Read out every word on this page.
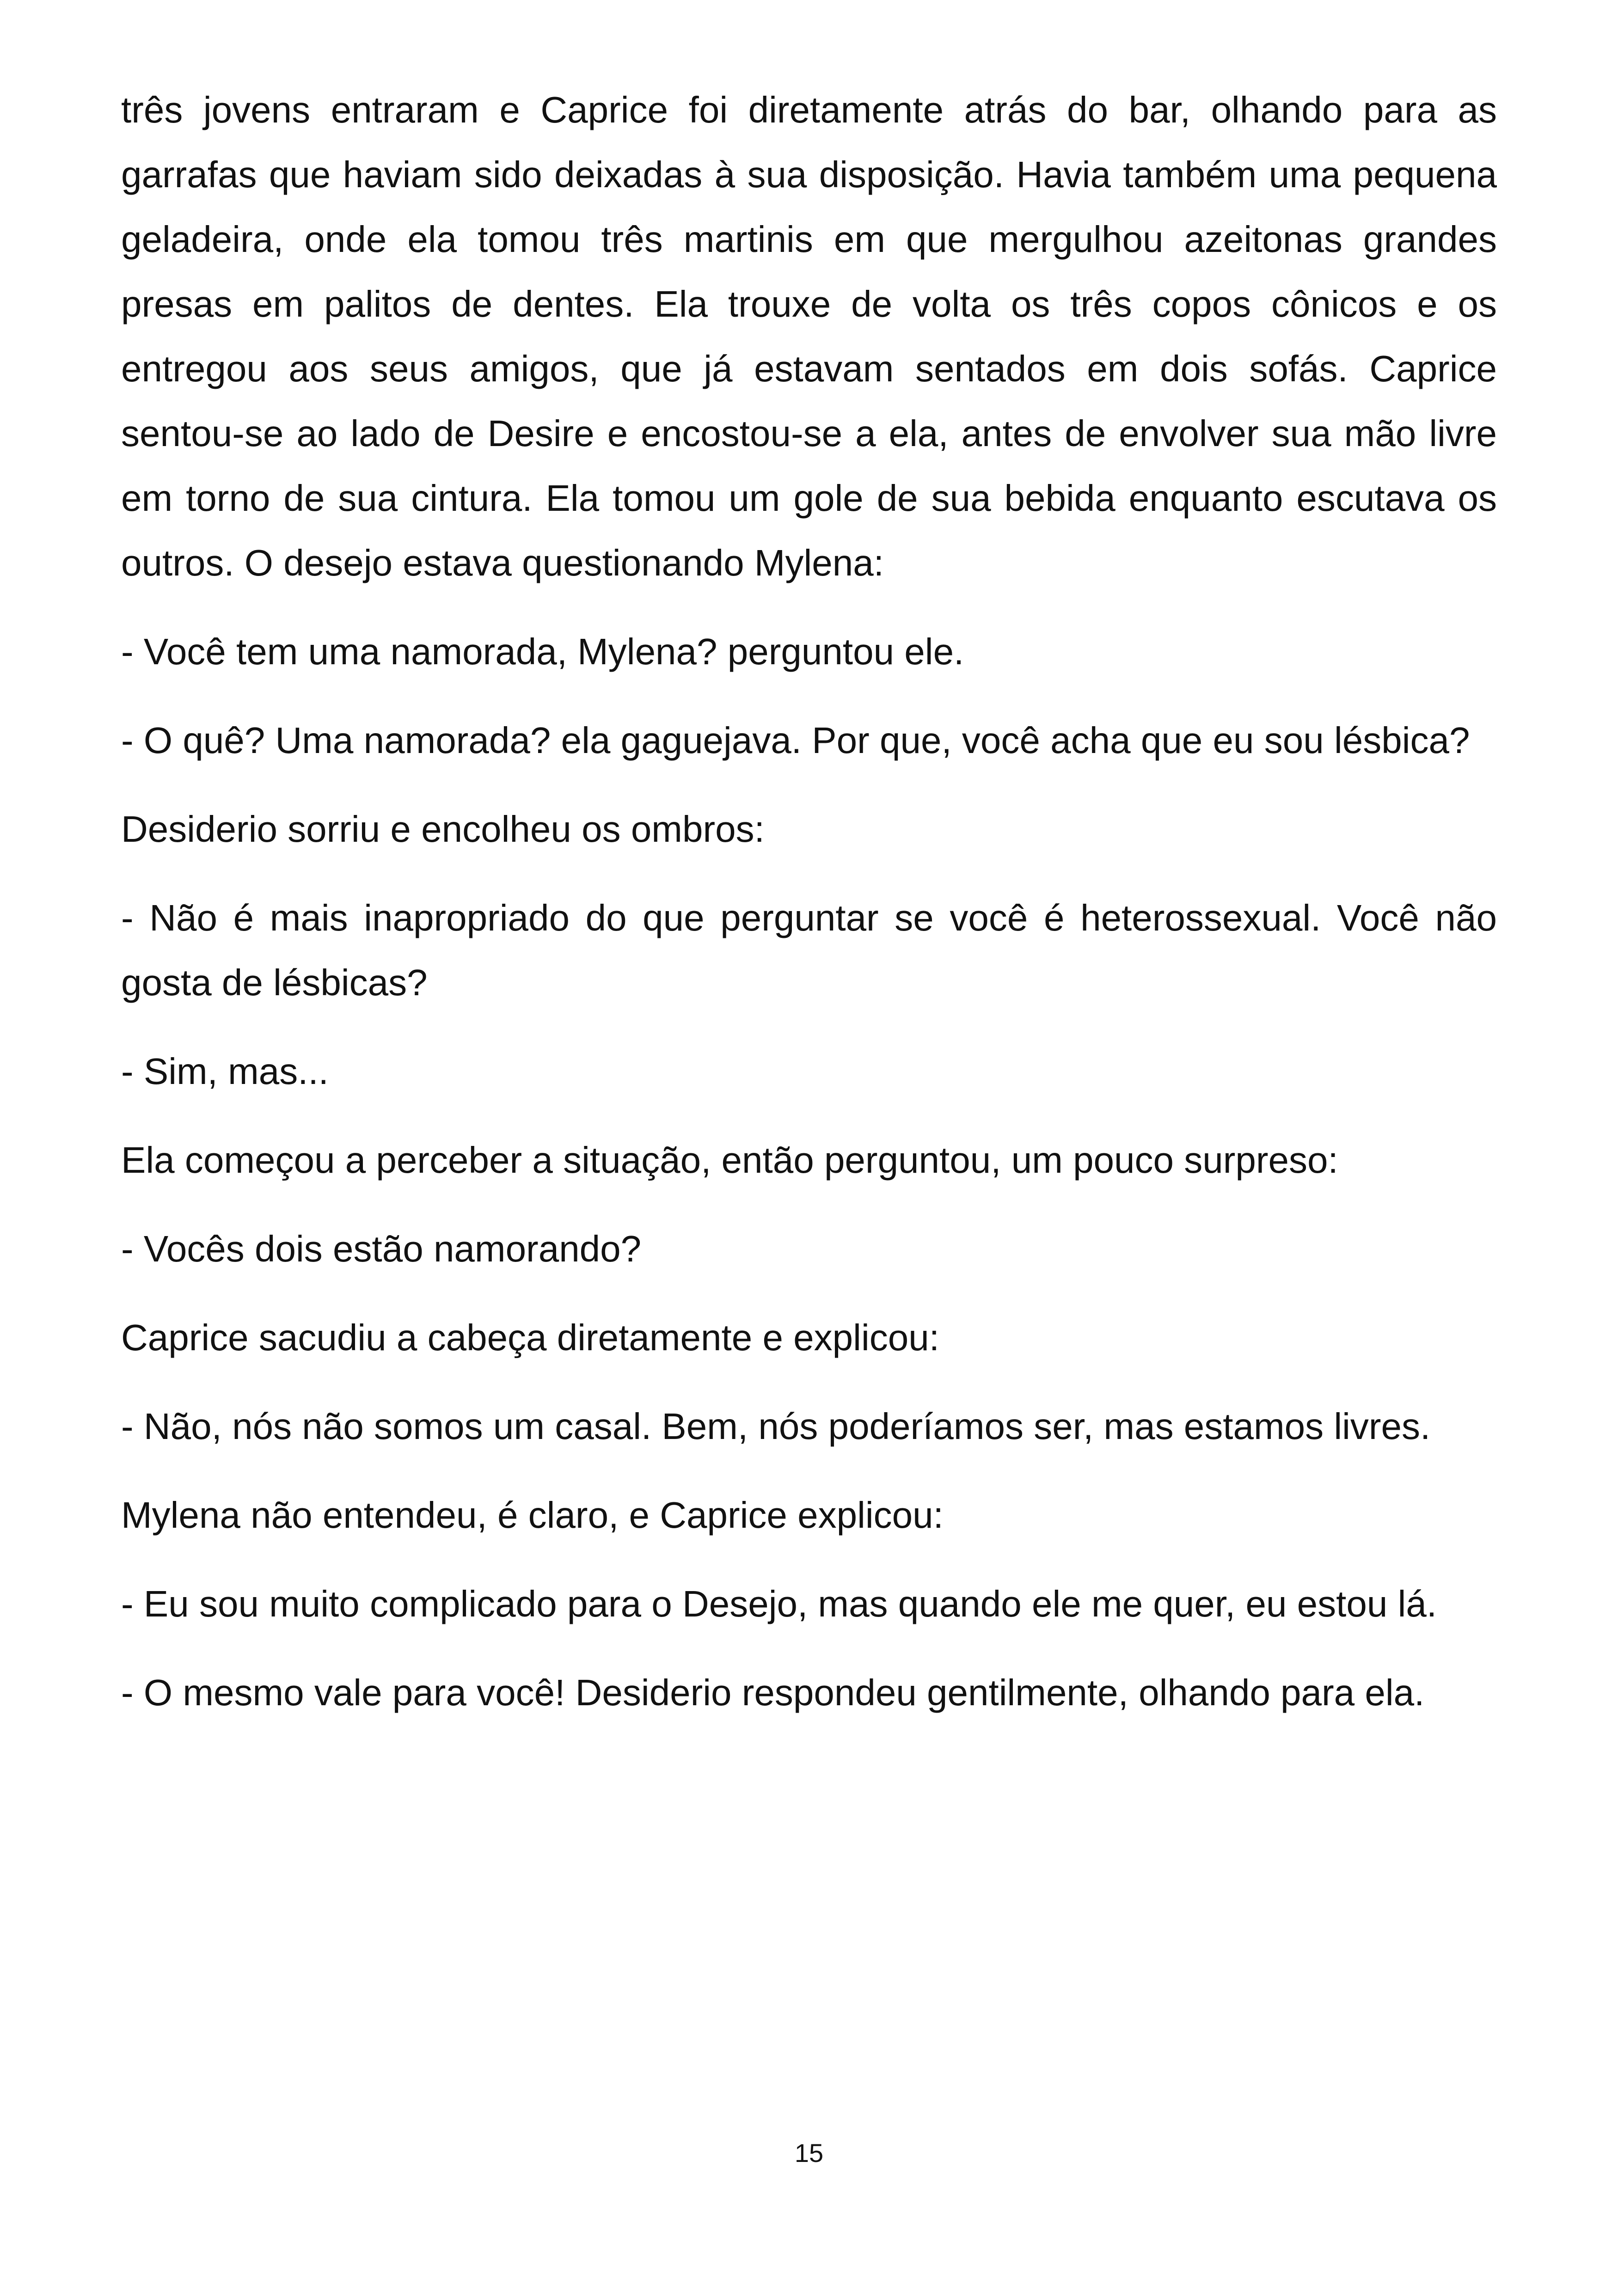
três jovens entraram e Caprice foi diretamente atrás do bar, olhando para as garrafas que haviam sido deixadas à sua disposição. Havia também uma pequena geladeira, onde ela tomou três martinis em que mergulhou azeitonas grandes presas em palitos de dentes. Ela trouxe de volta os três copos cônicos e os entregou aos seus amigos, que já estavam sentados em dois sofás. Caprice sentou-se ao lado de Desire e encostou-se a ela, antes de envolver sua mão livre em torno de sua cintura. Ela tomou um gole de sua bebida enquanto escutava os outros. O desejo estava questionando Mylena:

- Você tem uma namorada, Mylena? perguntou ele.

- O quê? Uma namorada? ela gaguejava. Por que, você acha que eu sou lésbica?

Desiderio sorriu e encolheu os ombros:

- Não é mais inapropriado do que perguntar se você é heterossexual. Você não gosta de lésbicas?

- Sim, mas...

Ela começou a perceber a situação, então perguntou, um pouco surpreso:

- Vocês dois estão namorando?

Caprice sacudiu a cabeça diretamente e explicou:

- Não, nós não somos um casal. Bem, nós poderíamos ser, mas estamos livres.

Mylena não entendeu, é claro, e Caprice explicou:

- Eu sou muito complicado para o Desejo, mas quando ele me quer, eu estou lá.

- O mesmo vale para você! Desiderio respondeu gentilmente, olhando para ela.

15
